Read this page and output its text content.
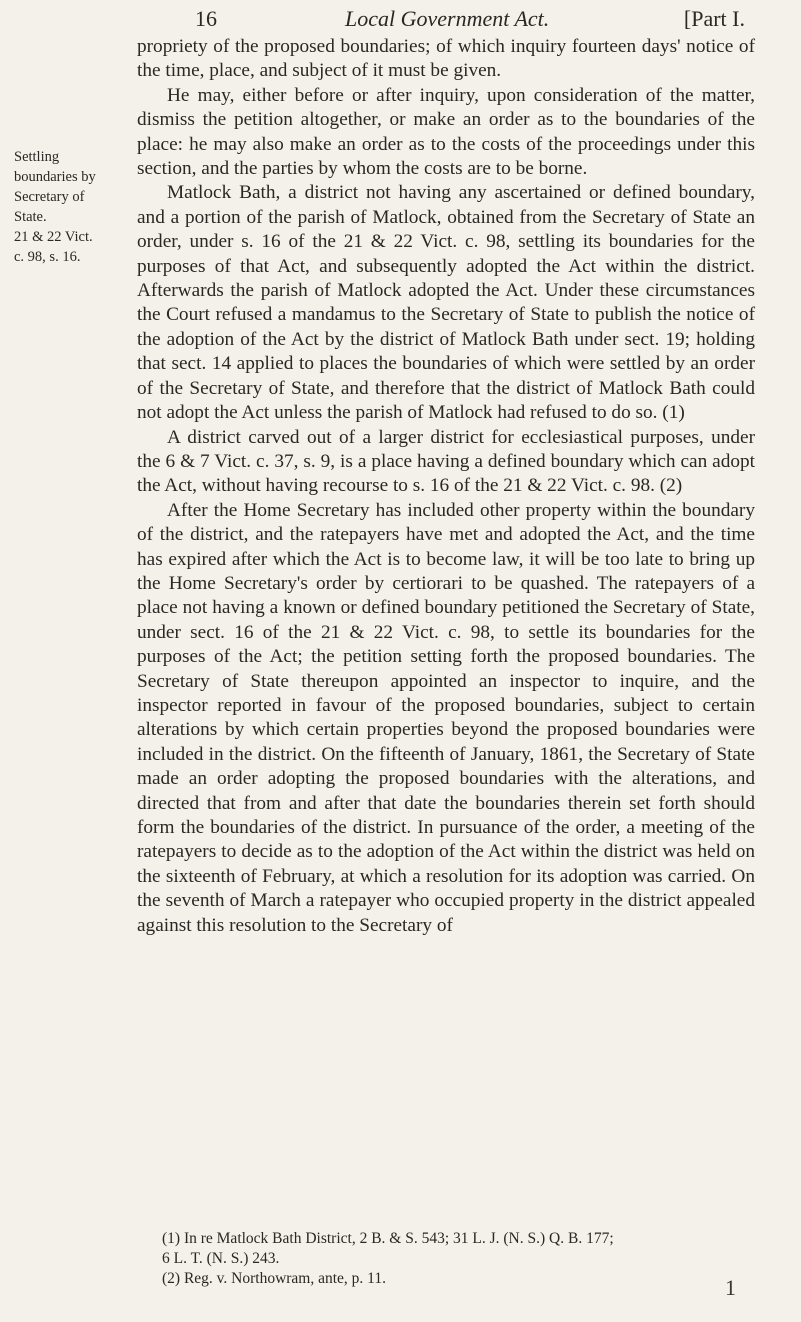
16	Local Government Act.	[Part I.
Settling
boundaries by
Secretary of
State.
21 & 22 Vict.
c. 98, s. 16.

propriety of the proposed boundaries; of which inquiry fourteen days' notice of the time, place, and subject of it must be given.

He may, either before or after inquiry, upon consideration of the matter, dismiss the petition altogether, or make an order as to the boundaries of the place: he may also make an order as to the costs of the proceedings under this section, and the parties by whom the costs are to be borne.

Matlock Bath, a district not having any ascertained or defined boundary, and a portion of the parish of Matlock, obtained from the Secretary of State an order, under s. 16 of the 21 & 22 Vict. c. 98, settling its boundaries for the purposes of that Act, and subsequently adopted the Act within the district. Afterwards the parish of Matlock adopted the Act. Under these circumstances the Court refused a mandamus to the Secretary of State to publish the notice of the adoption of the Act by the district of Matlock Bath under sect. 19; holding that sect. 14 applied to places the boundaries of which were settled by an order of the Secretary of State, and therefore that the district of Matlock Bath could not adopt the Act unless the parish of Matlock had refused to do so. (1)

A district carved out of a larger district for ecclesiastical purposes, under the 6 & 7 Vict. c. 37, s. 9, is a place having a defined boundary which can adopt the Act, without having recourse to s. 16 of the 21 & 22 Vict. c. 98. (2)

After the Home Secretary has included other property within the boundary of the district, and the ratepayers have met and adopted the Act, and the time has expired after which the Act is to become law, it will be too late to bring up the Home Secretary's order by certiorari to be quashed. The ratepayers of a place not having a known or defined boundary petitioned the Secretary of State, under sect. 16 of the 21 & 22 Vict. c. 98, to settle its boundaries for the purposes of the Act; the petition setting forth the proposed boundaries. The Secretary of State thereupon appointed an inspector to inquire, and the inspector reported in favour of the proposed boundaries, subject to certain alterations by which certain properties beyond the proposed boundaries were included in the district. On the fifteenth of January, 1861, the Secretary of State made an order adopting the proposed boundaries with the alterations, and directed that from and after that date the boundaries therein set forth should form the boundaries of the district. In pursuance of the order, a meeting of the ratepayers to decide as to the adoption of the Act within the district was held on the sixteenth of February, at which a resolution for its adoption was carried. On the seventh of March a ratepayer who occupied property in the district appealed against this resolution to the Secretary of

(1) In re Matlock Bath District, 2 B. & S. 543; 31 L. J. (N. S.) Q. B. 177;
6 L. T. (N. S.) 243.
(2) Reg. v. Northowram, ante, p. 11.	1
